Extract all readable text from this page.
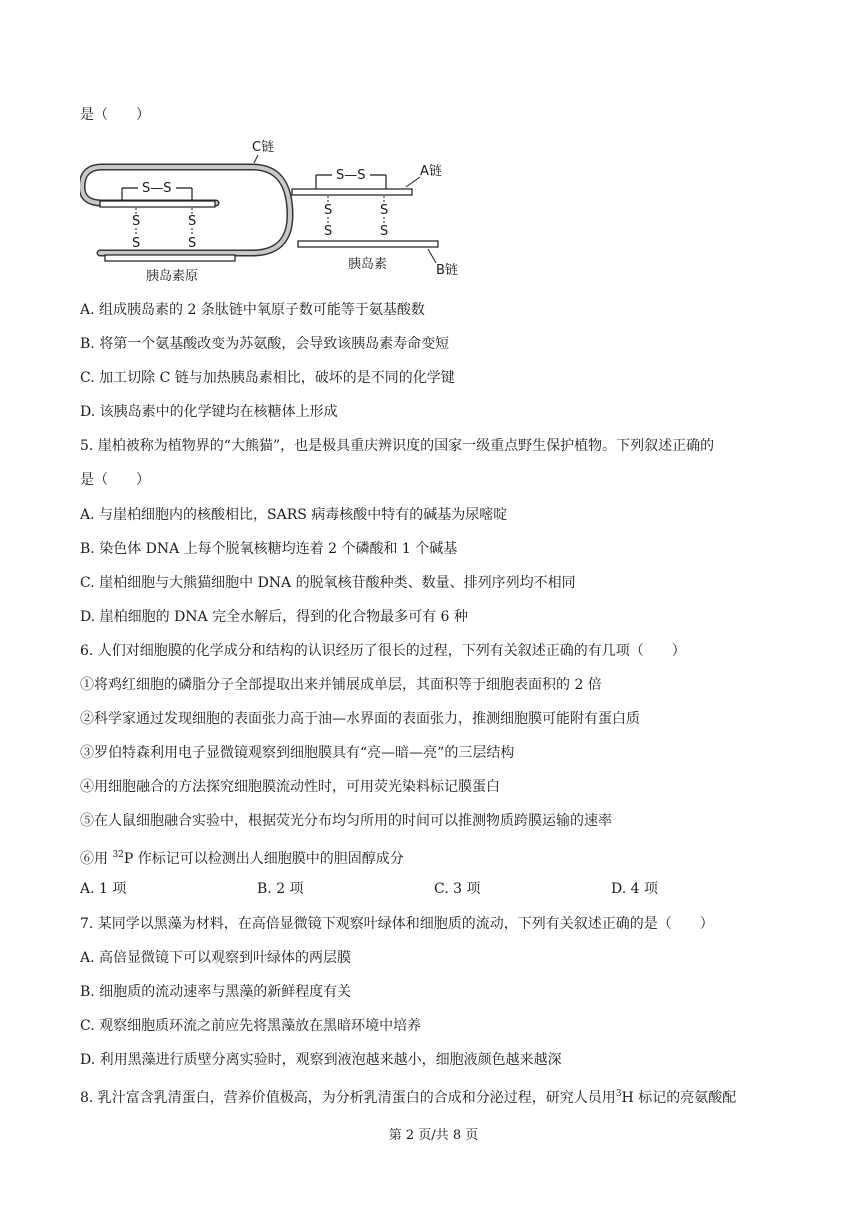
是（　　）
S—S
S
S
S
S
C链
胰岛素原
S—S
S
S
S
S
A链
胰岛素	B链
A. 组成胰岛素的 2 条肽链中氧原子数可能等于氨基酸数
B. 将第一个氨基酸改变为苏氨酸，会导致该胰岛素寿命变短
C. 加工切除 C 链与加热胰岛素相比，破坏的是不同的化学键
D. 该胰岛素中的化学键均在核糖体上形成
5. 崖柏被称为植物界的“大熊猫”，也是极具重庆辨识度的国家一级重点野生保护植物。下列叙述正确的
是（　　）
A. 与崖柏细胞内的核酸相比，SARS 病毒核酸中特有的碱基为尿嘧啶
B. 染色体 DNA 上每个脱氧核糖均连着 2 个磷酸和 1 个碱基
C. 崖柏细胞与大熊猫细胞中 DNA 的脱氧核苷酸种类、数量、排列序列均不相同
D. 崖柏细胞的 DNA 完全水解后，得到的化合物最多可有 6 种
6. 人们对细胞膜的化学成分和结构的认识经历了很长的过程，下列有关叙述正确的有几项（　　）
①将鸡红细胞的磷脂分子全部提取出来并铺展成单层，其面积等于细胞表面积的 2 倍
②科学家通过发现细胞的表面张力高于油—水界面的表面张力，推测细胞膜可能附有蛋白质
③罗伯特森利用电子显微镜观察到细胞膜具有“亮—暗—亮”的三层结构
④用细胞融合的方法探究细胞膜流动性时，可用荧光染料标记膜蛋白
⑤在人鼠细胞融合实验中，根据荧光分布均匀所用的时间可以推测物质跨膜运输的速率
⑥用 $^{32}$P 作标记可以检测出人细胞膜中的胆固醇成分
A. 1 项	B. 2 项	C. 3 项	D. 4 项
7. 某同学以黑藻为材料，在高倍显微镜下观察叶绿体和细胞质的流动，下列有关叙述正确的是（　　）
A. 高倍显微镜下可以观察到叶绿体的两层膜
B. 细胞质的流动速率与黑藻的新鲜程度有关
C. 观察细胞质环流之前应先将黑藻放在黑暗环境中培养
D. 利用黑藻进行质壁分离实验时，观察到液泡越来越小，细胞液颜色越来越深
8. 乳汁富含乳清蛋白，营养价值极高，为分析乳清蛋白的合成和分泌过程，研究人员用$^3$H 标记的亮氨酸配
第 2 页/共 8 页
